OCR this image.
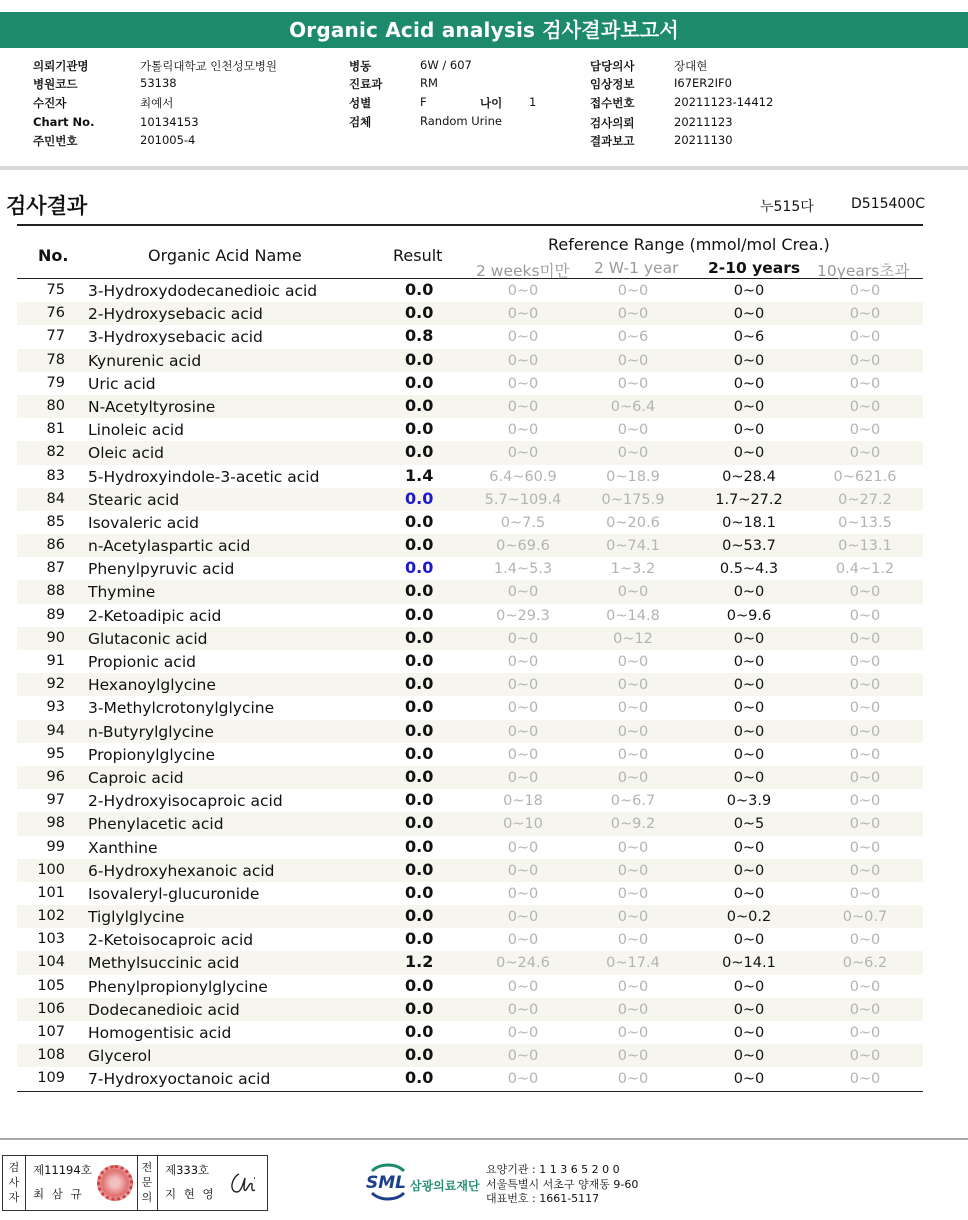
Organic Acid analysis 검사결과보고서
의뢰기관명	가톨릭대학교 인천성모병원
병원코드	53138
수진자	최예서
Chart No.	10134153
주민번호	201005-4
병동	6W / 607
진료과	RM
성별	F	나이 1
검체	Random Urine
담당의사	장대현
임상정보	I67ER2IF0
접수번호	20211123-14412
검사의뢰	20211123
결과보고	20211130
검사결과	누515다	D515400C
No.	Organic Acid Name	Result
Reference Range (mmol/mol Crea.)
2 weeks미만 2 W-1 year 2-10 years 10years초과
75 3-Hydroxydodecanedioic acid	0.0	0~0	0~0	0~0	0~0
76 2-Hydroxysebacic acid	0.0	0~0	0~0	0~0	0~0
77 3-Hydroxysebacic acid	0.8	0~0	0~6	0~6	0~0
78 Kynurenic acid	0.0	0~0	0~0	0~0	0~0
79 Uric acid	0.0	0~0	0~0	0~0	0~0
80 N-Acetyltyrosine	0.0	0~0	0~6.4	0~0	0~0
81 Linoleic acid	0.0	0~0	0~0	0~0	0~0
82 Oleic acid	0.0	0~0	0~0	0~0	0~0
83 5-Hydroxyindole-3-acetic acid	1.4	6.4~60.9	0~18.9	0~28.4	0~621.6
84 Stearic acid	0.0	5.7~109.4	0~175.9	1.7~27.2	0~27.2
85 Isovaleric acid	0.0	0~7.5	0~20.6	0~18.1	0~13.5
86 n-Acetylaspartic acid	0.0	0~69.6	0~74.1	0~53.7	0~13.1
87 Phenylpyruvic acid	0.0	1.4~5.3	1~3.2	0.5~4.3	0.4~1.2
88 Thymine	0.0	0~0	0~0	0~0	0~0
89 2-Ketoadipic acid	0.0	0~29.3	0~14.8	0~9.6	0~0
90 Glutaconic acid	0.0	0~0	0~12	0~0	0~0
91 Propionic acid	0.0	0~0	0~0	0~0	0~0
92 Hexanoylglycine	0.0	0~0	0~0	0~0	0~0
93 3-Methylcrotonylglycine	0.0	0~0	0~0	0~0	0~0
94 n-Butyrylglycine	0.0	0~0	0~0	0~0	0~0
95 Propionylglycine	0.0	0~0	0~0	0~0	0~0
96 Caproic acid	0.0	0~0	0~0	0~0	0~0
97 2-Hydroxyisocaproic acid	0.0	0~18	0~6.7	0~3.9	0~0
98 Phenylacetic acid	0.0	0~10	0~9.2	0~5	0~0
99 Xanthine	0.0	0~0	0~0	0~0	0~0
100 6-Hydroxyhexanoic acid	0.0	0~0	0~0	0~0	0~0
101 Isovaleryl-glucuronide	0.0	0~0	0~0	0~0	0~0
102 Tiglylglycine	0.0	0~0	0~0	0~0.2	0~0.7
103 2-Ketoisocaproic acid	0.0	0~0	0~0	0~0	0~0
104 Methylsuccinic acid	1.2	0~24.6	0~17.4	0~14.1	0~6.2
105 Phenylpropionylglycine	0.0	0~0	0~0	0~0	0~0
106 Dodecanedioic acid	0.0	0~0	0~0	0~0	0~0
107 Homogentisic acid	0.0	0~0	0~0	0~0	0~0
108 Glycerol	0.0	0~0	0~0	0~0	0~0
109 7-Hydroxyoctanoic acid	0.0	0~0	0~0	0~0	0~0
검사자
제11194호
최 삼 규
전문의
제333호
지 현 영
SML 삼광의료재단
요양기관 : 1 1 3 6 5 2 0 0
서울특별시 서초구 양재동 9-60
대표번호 : 1661-5117
